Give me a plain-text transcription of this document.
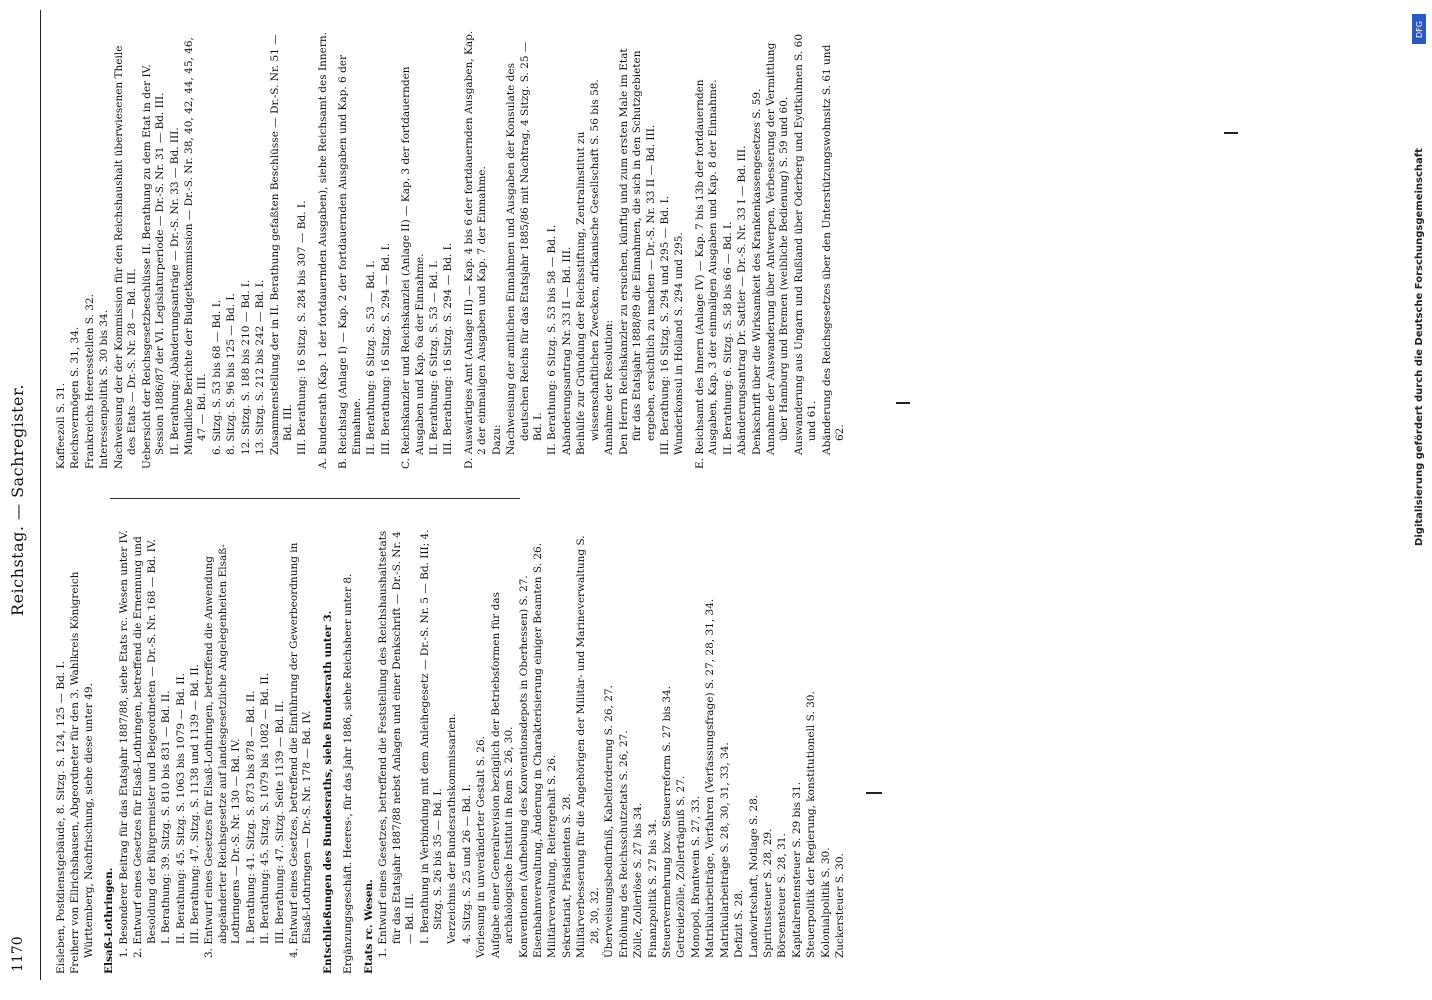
1170
Reichstag. — Sachregister.
Eisleben, Postdienstgebäude, 8. Sitzg. S. 124, 125 — Bd. I. Freiherr von Ellrichshausen, Abgeordneter für den 3. Wahlkreis Königreich Württemberg, Nachfrischung, siehe diese unter 49. Elsaß-Lothringen. 1. Besonderer Beitrag für das Etatsjahr 1887/88, siehe Etats rc. Wesen unter IV. 2. Entwurf eines Gesetzes für Elsaß-Lothringen, betreffend die Ernennung und Besoldung der Bürgermeister und Beigeordneten — Dr.-S. Nr. 168 — Bd. IV. I. Berathung: 39. Sitzg. S. 810 bis 831 — Bd. II. II. Berathung: 45. Sitzg. S. 1063 bis 1079 — Bd. II. III. Berathung: 47. Sitzg. S. 1138 und 1139 — Bd. II. 3. Entwurf eines Gesetzes für Elsaß-Lothringen, betreffend die Anwendung abgeänderter Reichsgesetze auf landesgesetzliche Angelegenheiten Elsaß-Lothringens — Dr.-S. Nr. 130 — Bd. IV. I. Berathung: 41. Sitzg. S. 873 bis 878 — Bd. II. II. Berathung: 45. Sitzg. S. 1079 bis 1082 — Bd. II. III. Berathung: 47. Sitzg. Seite 1139 — Bd. II. 4. Entwurf eines Gesetzes, betreffend die Einführung der Gewerbeordnung in Elsaß-Lothringen — Dr.-S. Nr. 178 — Bd. IV. Entschließungen des Bundesraths, siehe Bundesrath unter 3. Ergänzungsgeschäft. Heeres-, für das Jahr 1886, siehe Reichsheer unter 8. Etats rc. Wesen. 1. Entwurf eines Gesetzes, betreffend die Feststellung des Reichshaushaltsetats für das Etatsjahr 1887/88 nebst Anlagen und einer Denkschrift — Dr.-S. Nr. 4 — Bd. III. I. Berathung in Verbindung mit dem Anleihegesetz — Dr.-S. Nr. 5 — Bd. III; 4. Sitzg. S. 26 bis 35 — Bd. I. Verzeichnis der Bundesrathskommissarien. 4. Sitzg. S. 25 und 26 — Bd. I. Vorlesung in unveränderter Gestalt S. 26. Aufgabe einer Generalrevision bezüglich der Betriebsformen für das archäologische Institut in Rom S. 26, 30. Konventionen (Aufhebung des Konventionsdepots in Oberhessen) S. 27. Eisenbahnverwaltung, Änderung in Charakterisierung einiger Beamten S. 26. Militärverwaltung, Reitergehalt S. 26. Sekretariat, Präsidenten S. 28. Militärverbesserung für die Angehörigen der Militär- und Marineverwaltung S. 28, 30, 32. Überweisungsbedürfniß, Kabelforderung S. 26, 27. Erhöhung des Reichsschutzetats S. 26, 27. Zölle, Zollerlöse S. 27 bis 34. Finanzpolitik S. 27 bis 34. Steuervermehrung bzw. Steuerreform S. 27 bis 34. Getreidezölle, Zollerträgniß S. 27. Monopol, Brantwein S. 27, 33. Matrikularbeiträge, Verfahren (Verfassungsfrage) S. 27, 28, 31, 34. Matrikularbeiträge S. 28, 30, 31, 33, 34. Defizit S. 28. Landwirtschaft, Notlage S. 28. Spiritussteuer S. 28, 29. Börsensteuer S. 28, 31. Kapitalrentensteuer S. 29 bis 31. Steuerpolitik der Regierung, konstitutionell S. 30. Kolonialpolitik S. 30. Zuckersteuer S. 30.
Kaffeezoll S. 31. Reichsvermögen S. 31, 34. Frankreichs Heeresstellen S. 32. Interessenpolitik S. 30 bis 34. Nachweisung der der Kommission für den Reichshaushalt überwiesenen Theile des Etats — Dr.-S. Nr. 28 — Bd. III. Uebersicht der Reichsgesetzbeschlüsse II. Berathung zu dem Etat in der IV. Session 1886/87 der VI. Legislaturperiode — Dr.-S. Nr. 31 — Bd. III. II. Berathung: Abänderungsanträge — Dr.-S. Nr. 33 — Bd. III. Mündliche Berichte der Budgetkommission — Dr.-S. Nr. 38, 40, 42, 44, 45, 46, 47 — Bd. III. 6. Sitzg. S. 53 bis 68 — Bd. I. 8. Sitzg. S. 96 bis 125 — Bd. I. 12. Sitzg. S. 188 bis 210 — Bd. I. 13. Sitzg. S. 212 bis 242 — Bd. I. Zusammenstellung der in II. Berathung gefaßten Beschlüsse — Dr.-S. Nr. 51 — Bd. III. III. Berathung: 16 Sitzg. S. 284 bis 307 — Bd. I. A. Bundesrath (Kap. 1 der fortdauernden Ausgaben), siehe Reichsamt des Innern. B. Reichstag (Anlage I) — Kap. 2 der fortdauernden Ausgaben und Kap. 6 der Einnahme. II. Berathung: 6 Sitzg. S. 53 — Bd. I. III. Berathung: 16 Sitzg. S. 294 — Bd. I. C. Reichskanzler und Reichskanzlei (Anlage II) — Kap. 3 der fortdauernden Ausgaben und Kap. 6a der Einnahme. II. Berathung: 6 Sitzg. S. 53 — Bd. I. III. Berathung: 16 Sitzg. S. 294 — Bd. I. D. Auswärtiges Amt (Anlage III) — Kap. 4 bis 6 der fortdauernden Ausgaben, Kap. 2 der einmaligen Ausgaben und Kap. 7 der Einnahme. Dazu: Nachweisung der amtlichen Einnahmen und Ausgaben der Konsulate des deutschen Reichs für das Etatsjahr 1885/86 mit Nachtrag, 4 Sitzg. S. 25 — Bd. I. II. Berathung: 6 Sitzg. S. 53 bis 58 — Bd. I. Abänderungsantrag Nr. 33 II — Bd. III. Beihülfe zur Gründung der Reichsstiftung, Zentralinstitut zu wissenschaftlichen Zwecken, afrikanische Gesellschaft S. 56 bis 58. Annahme der Resolution: Den Herrn Reichskanzler zu ersuchen, künftig und zum ersten Male im Etat für das Etatsjahr 1888/89 die Einnahmen, die sich in den Schutzgebieten ergeben, ersichtlich zu machen — Dr.-S. Nr. 33 II — Bd. III. III. Berathung: 16 Sitzg. S. 294 und 295 — Bd. I. Wunderkonsul in Holland S. 294 und 295. E. Reichsamt des Innern (Anlage IV) — Kap. 7 bis 13b der fortdauernden Ausgaben, Kap. 3 der einmaligen Ausgaben und Kap. 8 der Einnahme. II. Berathung: 6. Sitzg. S. 58 bis 66 — Bd. I. Abänderungsantrag Dr. Sattler — Dr.-S. Nr. 33 I — Bd. III. Denkschrift über die Wirksamkeit des Krankenkassengesetzes S. 59. Annahme der Auswanderung über Antwerpen, Verbesserung der Vermittlung über Hamburg und Bremen (weibliche Bedienung) S. 59 und 60. Auswanderung aus Ungarn und Rußland über Oderberg und Eydtkuhnen S. 60 und 61. Abänderung des Reichsgesetzes über den Unterstützungswohnsitz S. 61 und 62.
DFG
Digitalisierung gefördert durch die Deutsche Forschungsgemeinschaft
